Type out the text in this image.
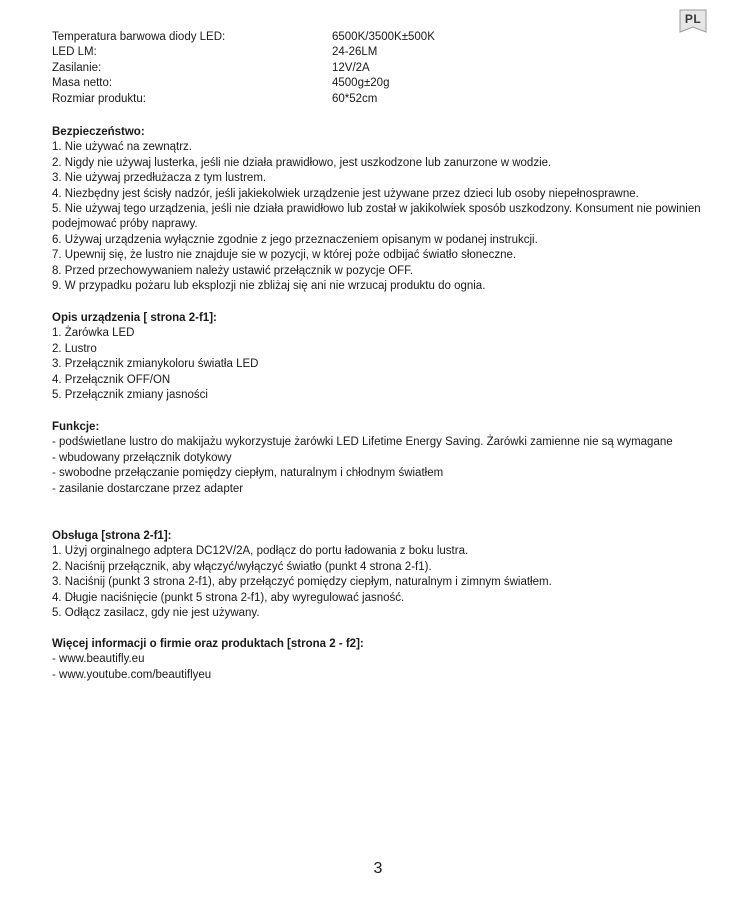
PL
Temperatura barwowa diody LED:	6500K/3500K±500K
LED LM:	24-26LM
Zasilanie:	12V/2A
Masa netto:	4500g±20g
Rozmiar produktu:	60*52cm
Bezpieczeństwo:
1. Nie używać na zewnątrz.
2. Nigdy nie używaj lusterka, jeśli nie działa prawidłowo, jest uszkodzone lub zanurzone w wodzie.
3. Nie używaj przedłużacza z tym lustrem.
4. Niezbędny jest ścisły nadzór, jeśli jakiekolwiek urządzenie jest używane przez dzieci lub osoby niepełnosprawne.
5. Nie używaj tego urządzenia, jeśli nie działa prawidłowo lub został w jakikolwiek sposób uszkodzony. Konsument nie powinien podejmować próby naprawy.
6. Używaj urządzenia wyłącznie zgodnie z jego przeznaczeniem opisanym w podanej instrukcji.
7. Upewnij się, że lustro nie znajduje sie w pozycji, w której poże odbijać światło słoneczne.
8. Przed przechowywaniem należy ustawić przełącznik w pozycje OFF.
9. W przypadku pożaru lub eksplozji nie zbliżaj się ani nie wrzucaj produktu do ognia.
Opis urządzenia [ strona 2-f1]:
1. Żarówka LED
2. Lustro
3. Przełącznik zmianykoloru światła LED
4. Przełącznik OFF/ON
5. Przełącznik zmiany jasności
Funkcje:
- podświetlane lustro do makijażu wykorzystuje żarówki LED Lifetime Energy Saving. Żarówki zamienne nie są wymagane
- wbudowany przełącznik dotykowy
- swobodne przełączanie pomiędzy ciepłym, naturalnym i chłodnym światłem
- zasilanie dostarczane przez adapter
Obsługa [strona 2-f1]:
1. Użyj orginalnego adptera DC12V/2A, podłącz do portu ładowania z boku lustra.
2. Naciśnij przełącznik, aby włączyć/wyłączyć światło (punkt 4 strona 2-f1).
3. Naciśnij (punkt 3 strona 2-f1), aby przełączyć pomiędzy ciepłym, naturalnym i zimnym światłem.
4. Długie naciśnięcie (punkt 5 strona 2-f1), aby wyregulować jasność.
5. Odłącz zasilacz, gdy nie jest używany.
Więcej informacji o firmie oraz produktach [strona 2 - f2]:
- www.beautifly.eu
- www.youtube.com/beautiflyeu
3
